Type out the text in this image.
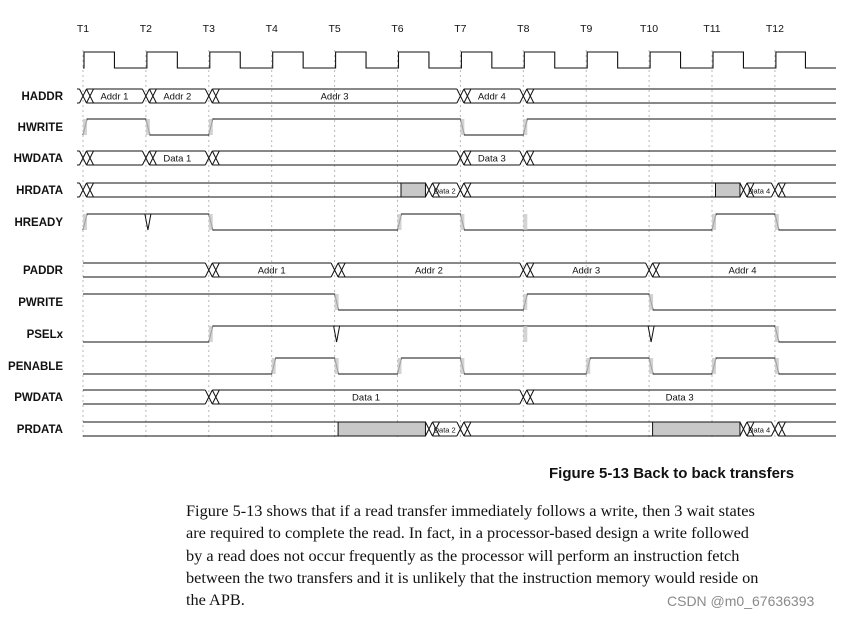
T1	T2	T3	T4	T5	T6	T7	T8	T9	T10	T11	T12
HADDR	Addr 1	Addr 2	Addr 3	Addr 4
HWRITE
HWDATA	Data 1	Data 3
HRDATA	Data 2	Data 4
HREADY
PADDR	Addr 1	Addr 2	Addr 3	Addr 4
PWRITE
PSELx
PENABLE
PWDATA	Data 1	Data 3
PRDATA	Data 2	Data 4
Figure 5-13 Back to back transfers
Figure 5-13 shows that if a read transfer immediately follows a write, then 3 wait states
are required to complete the read. In fact, in a processor-based design a write followed
by a read does not occur frequently as the processor will perform an instruction fetch
between the two transfers and it is unlikely that the instruction memory would reside on
the APB.	CSDN @m0_67636393
